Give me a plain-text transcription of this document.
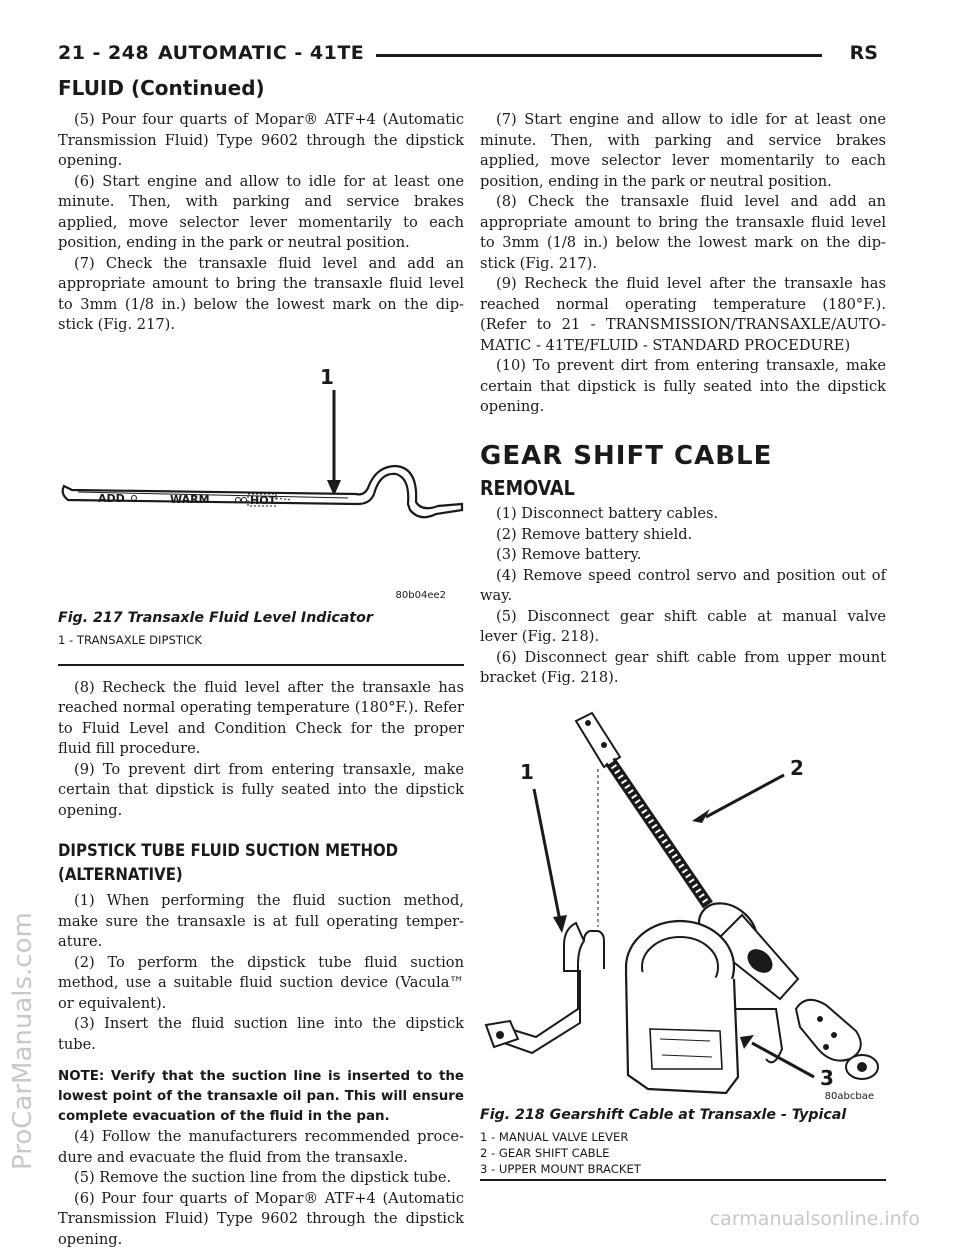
21 - 248 AUTOMATIC - 41TE	RS
FLUID (Continued)

(5) Pour four quarts of Mopar® ATF+4 (Automatic Transmission Fluid) Type 9602 through the dipstick opening.

(6) Start engine and allow to idle for at least one minute. Then, with parking and service brakes applied, move selector lever momentarily to each position, ending in the park or neutral position.

(7) Check the transaxle fluid level and add an appropriate amount to bring the transaxle fluid level to 3mm (1/8 in.) below the lowest mark on the dip-stick (Fig. 217).

1
ADD	WARM	HOT
80b04ee2
Fig. 217 Transaxle Fluid Level Indicator
1 - TRANSAXLE DIPSTICK

(8) Recheck the fluid level after the transaxle has reached normal operating temperature (180°F.). Refer to Fluid Level and Condition Check for the proper fluid fill procedure.

(9) To prevent dirt from entering transaxle, make certain that dipstick is fully seated into the dipstick opening.

DIPSTICK TUBE FLUID SUCTION METHOD (ALTERNATIVE)

(1) When performing the fluid suction method, make sure the transaxle is at full operating temper-ature.

(2) To perform the dipstick tube fluid suction method, use a suitable fluid suction device (Vacula™ or equivalent).

(3) Insert the fluid suction line into the dipstick tube.

NOTE: Verify that the suction line is inserted to the lowest point of the transaxle oil pan. This will ensure complete evacuation of the fluid in the pan.

(4) Follow the manufacturers recommended proce-dure and evacuate the fluid from the transaxle.

(5) Remove the suction line from the dipstick tube.

(6) Pour four quarts of Mopar® ATF+4 (Automatic Transmission Fluid) Type 9602 through the dipstick opening.

(7) Start engine and allow to idle for at least one minute. Then, with parking and service brakes applied, move selector lever momentarily to each position, ending in the park or neutral position.

(8) Check the transaxle fluid level and add an appropriate amount to bring the transaxle fluid level to 3mm (1/8 in.) below the lowest mark on the dip-stick (Fig. 217).

(9) Recheck the fluid level after the transaxle has reached normal operating temperature (180°F.). (Refer to 21 - TRANSMISSION/TRANSAXLE/AUTO-MATIC - 41TE/FLUID - STANDARD PROCEDURE)

(10) To prevent dirt from entering transaxle, make certain that dipstick is fully seated into the dipstick opening.

GEAR SHIFT CABLE
REMOVAL

(1) Disconnect battery cables.

(2) Remove battery shield.

(3) Remove battery.

(4) Remove speed control servo and position out of way.

(5) Disconnect gear shift cable at manual valve lever (Fig. 218).

(6) Disconnect gear shift cable from upper mount bracket (Fig. 218).

1	2
3
80abcbae
Fig. 218 Gearshift Cable at Transaxle - Typical
1 - MANUAL VALVE LEVER
2 - GEAR SHIFT CABLE
3 - UPPER MOUNT BRACKET
ProCarManuals.com
carmanualsonline.info
